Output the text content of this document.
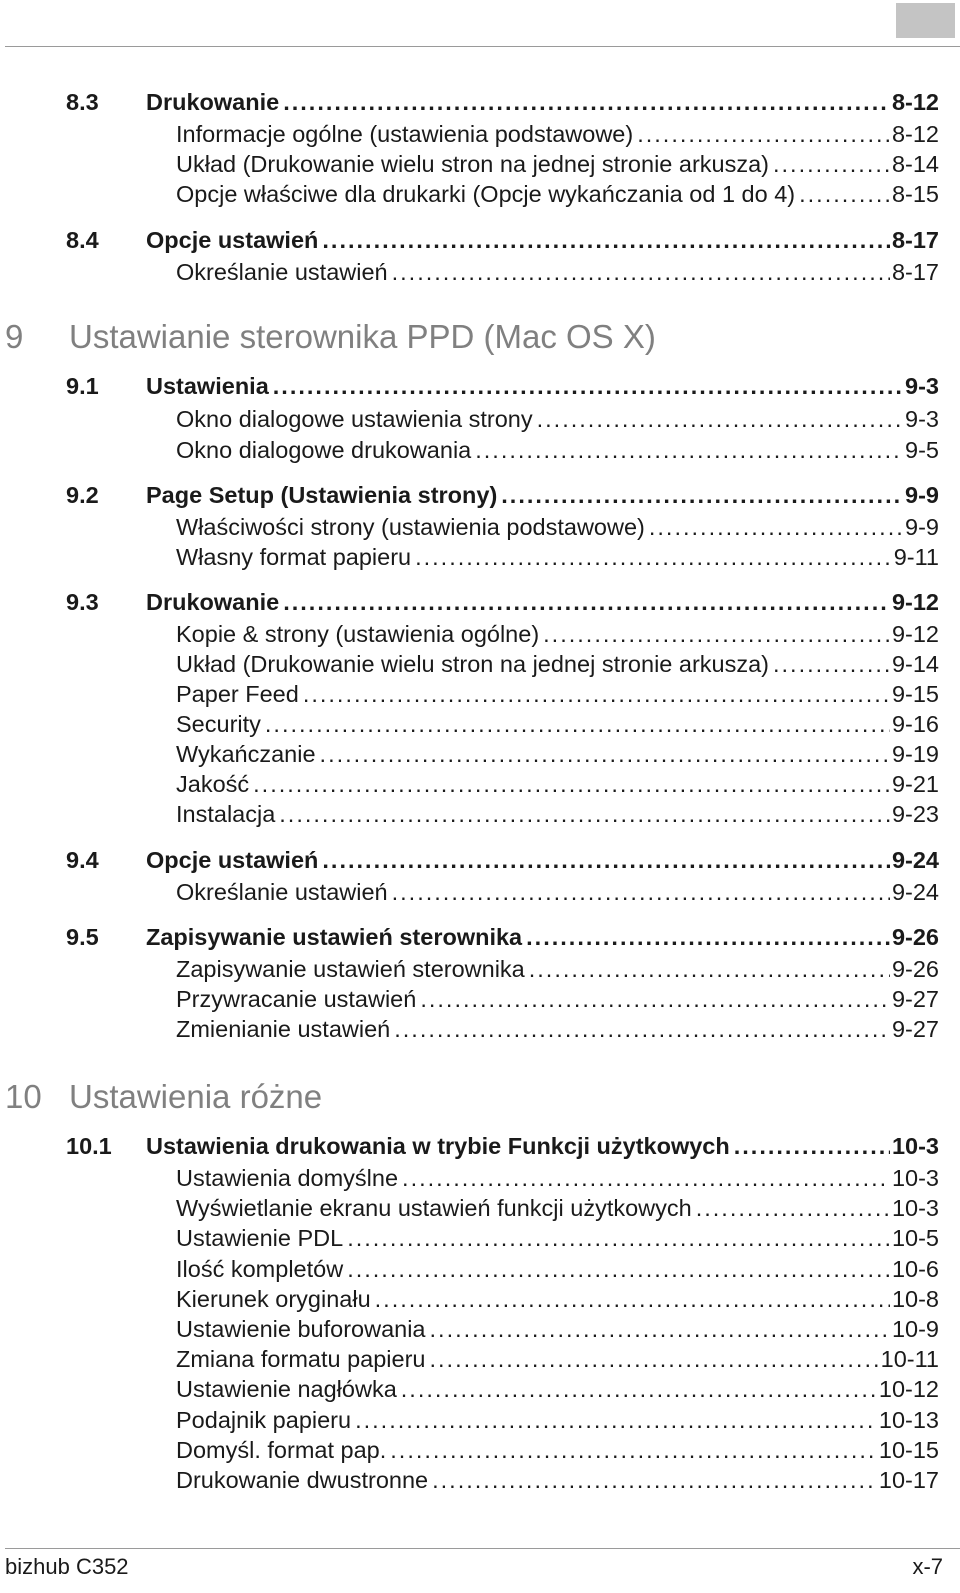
8.3	Drukowanie .....	8-12
Informacje ogólne (ustawienia podstawowe) .....	8-12
Układ (Drukowanie wielu stron na jednej stronie arkusza) .....	8-14
Opcje właściwe dla drukarki (Opcje wykańczania od 1 do 4) .....	8-15
8.4	Opcje ustawień .....	8-17
Określanie ustawień .....	8-17
9	Ustawianie sterownika PPD (Mac OS X)
9.1	Ustawienia .....	9-3
Okno dialogowe ustawienia strony .....	9-3
Okno dialogowe drukowania .....	9-5
9.2	Page Setup (Ustawienia strony) .....	9-9
Właściwości strony (ustawienia podstawowe) .....	9-9
Własny format papieru .....	9-11
9.3	Drukowanie .....	9-12
Kopie & strony (ustawienia ogólne) .....	9-12
Układ (Drukowanie wielu stron na jednej stronie arkusza) .....	9-14
Paper Feed .....	9-15
Security .....	9-16
Wykańczanie .....	9-19
Jakość .....	9-21
Instalacja .....	9-23
9.4	Opcje ustawień .....	9-24
Określanie ustawień .....	9-24
9.5	Zapisywanie ustawień sterownika .....	9-26
Zapisywanie ustawień sterownika .....	9-26
Przywracanie ustawień .....	9-27
Zmienianie ustawień .....	9-27
10 Ustawienia różne
10.1	Ustawienia drukowania w trybie Funkcji użytkowych .....	10-3
Ustawienia domyślne .....	10-3
Wyświetlanie ekranu ustawień funkcji użytkowych .....	10-3
Ustawienie PDL .....	10-5
Ilość kompletów .....	10-6
Kierunek oryginału .....	10-8
Ustawienie buforowania .....	10-9
Zmiana formatu papieru .....	10-11
Ustawienie nagłówka .....	10-12
Podajnik papieru .....	10-13
Domyśl. format pap. .....	10-15
Drukowanie dwustronne .....	10-17
bizhub C352	x-7
